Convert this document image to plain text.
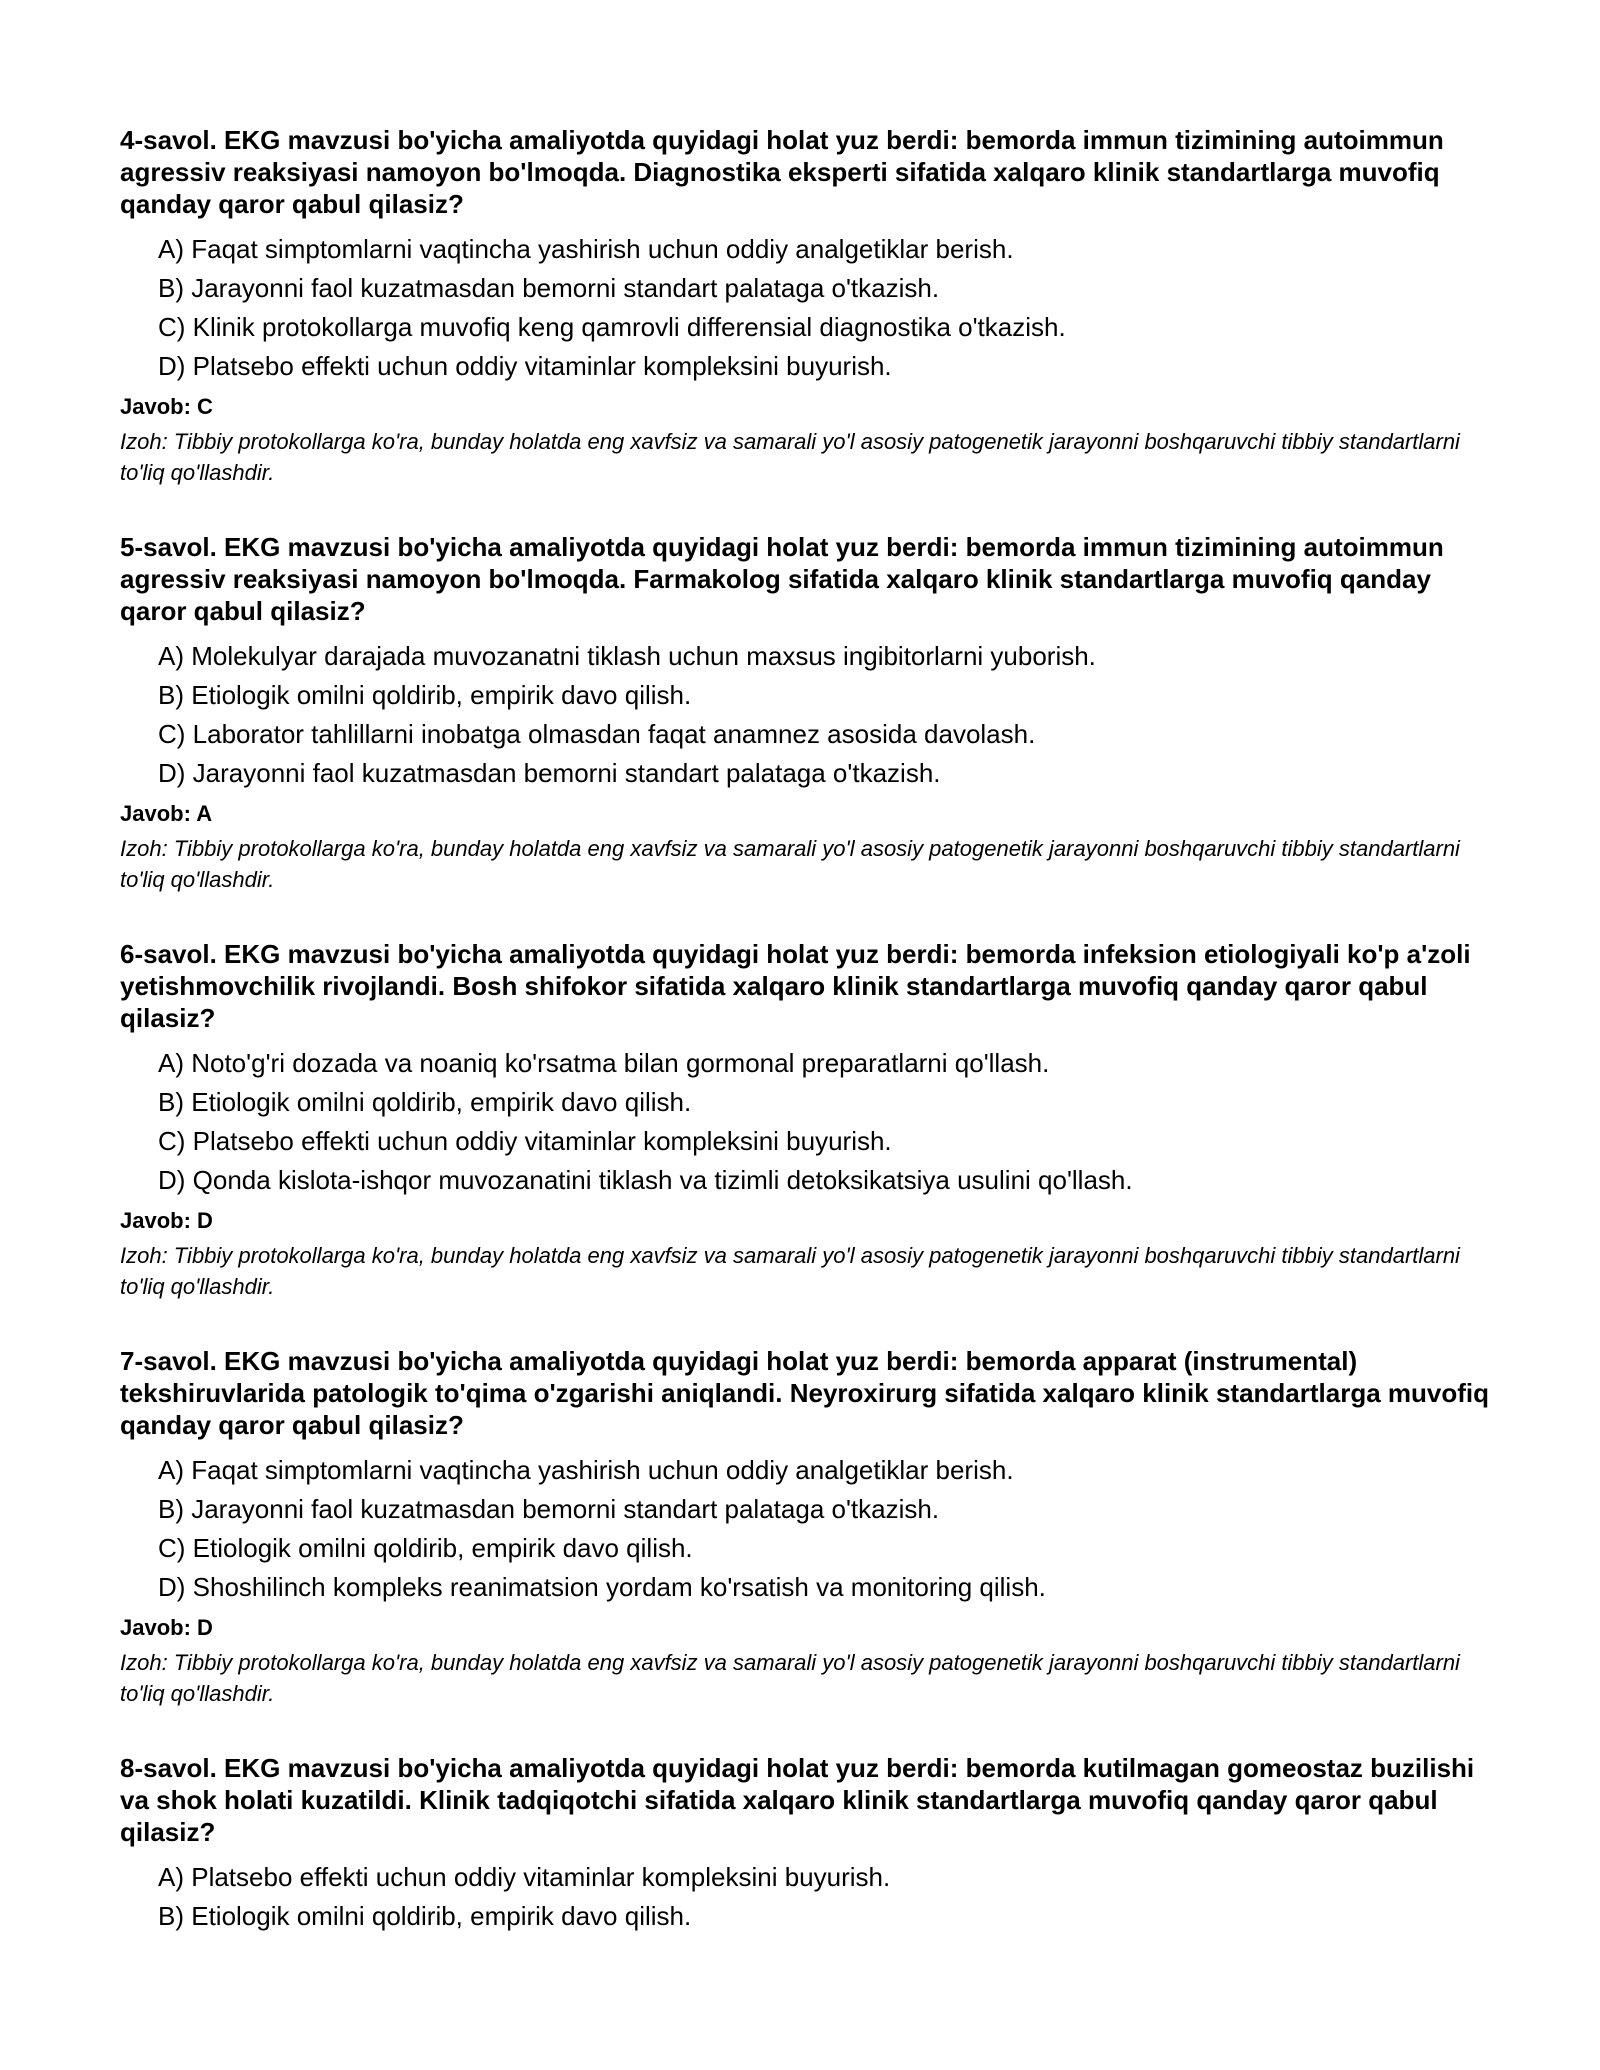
4-savol. EKG mavzusi bo'yicha amaliyotda quyidagi holat yuz berdi: bemorda immun tizimining autoimmun agressiv reaksiyasi namoyon bo'lmoqda. Diagnostika eksperti sifatida xalqaro klinik standartlarga muvofiq qanday qaror qabul qilasiz?
A) Faqat simptomlarni vaqtincha yashirish uchun oddiy analgetiklar berish.
B) Jarayonni faol kuzatmasdan bemorni standart palataga o'tkazish.
C) Klinik protokollarga muvofiq keng qamrovli differensial diagnostika o'tkazish.
D) Platsebo effekti uchun oddiy vitaminlar kompleksini buyurish.
Javob: C
Izoh: Tibbiy protokollarga ko'ra, bunday holatda eng xavfsiz va samarali yo'l asosiy patogenetik jarayonni boshqaruvchi tibbiy standartlarni to'liq qo'llashdir.
5-savol. EKG mavzusi bo'yicha amaliyotda quyidagi holat yuz berdi: bemorda immun tizimining autoimmun agressiv reaksiyasi namoyon bo'lmoqda. Farmakolog sifatida xalqaro klinik standartlarga muvofiq qanday qaror qabul qilasiz?
A) Molekulyar darajada muvozanatni tiklash uchun maxsus ingibitorlarni yuborish.
B) Etiologik omilni qoldirib, empirik davo qilish.
C) Laborator tahlillarni inobatga olmasdan faqat anamnez asosida davolash.
D) Jarayonni faol kuzatmasdan bemorni standart palataga o'tkazish.
Javob: A
Izoh: Tibbiy protokollarga ko'ra, bunday holatda eng xavfsiz va samarali yo'l asosiy patogenetik jarayonni boshqaruvchi tibbiy standartlarni to'liq qo'llashdir.
6-savol. EKG mavzusi bo'yicha amaliyotda quyidagi holat yuz berdi: bemorda infeksion etiologiyali ko'p a'zoli yetishmovchilik rivojlandi. Bosh shifokor sifatida xalqaro klinik standartlarga muvofiq qanday qaror qabul qilasiz?
A) Noto'g'ri dozada va noaniq ko'rsatma bilan gormonal preparatlarni qo'llash.
B) Etiologik omilni qoldirib, empirik davo qilish.
C) Platsebo effekti uchun oddiy vitaminlar kompleksini buyurish.
D) Qonda kislota-ishqor muvozanatini tiklash va tizimli detoksikatsiya usulini qo'llash.
Javob: D
Izoh: Tibbiy protokollarga ko'ra, bunday holatda eng xavfsiz va samarali yo'l asosiy patogenetik jarayonni boshqaruvchi tibbiy standartlarni to'liq qo'llashdir.
7-savol. EKG mavzusi bo'yicha amaliyotda quyidagi holat yuz berdi: bemorda apparat (instrumental) tekshiruvlarida patologik to'qima o'zgarishi aniqlandi. Neyroxirurg sifatida xalqaro klinik standartlarga muvofiq qanday qaror qabul qilasiz?
A) Faqat simptomlarni vaqtincha yashirish uchun oddiy analgetiklar berish.
B) Jarayonni faol kuzatmasdan bemorni standart palataga o'tkazish.
C) Etiologik omilni qoldirib, empirik davo qilish.
D) Shoshilinch kompleks reanimatsion yordam ko'rsatish va monitoring qilish.
Javob: D
Izoh: Tibbiy protokollarga ko'ra, bunday holatda eng xavfsiz va samarali yo'l asosiy patogenetik jarayonni boshqaruvchi tibbiy standartlarni to'liq qo'llashdir.
8-savol. EKG mavzusi bo'yicha amaliyotda quyidagi holat yuz berdi: bemorda kutilmagan gomeostaz buzilishi va shok holati kuzatildi. Klinik tadqiqotchi sifatida xalqaro klinik standartlarga muvofiq qanday qaror qabul qilasiz?
A) Platsebo effekti uchun oddiy vitaminlar kompleksini buyurish.
B) Etiologik omilni qoldirib, empirik davo qilish.
